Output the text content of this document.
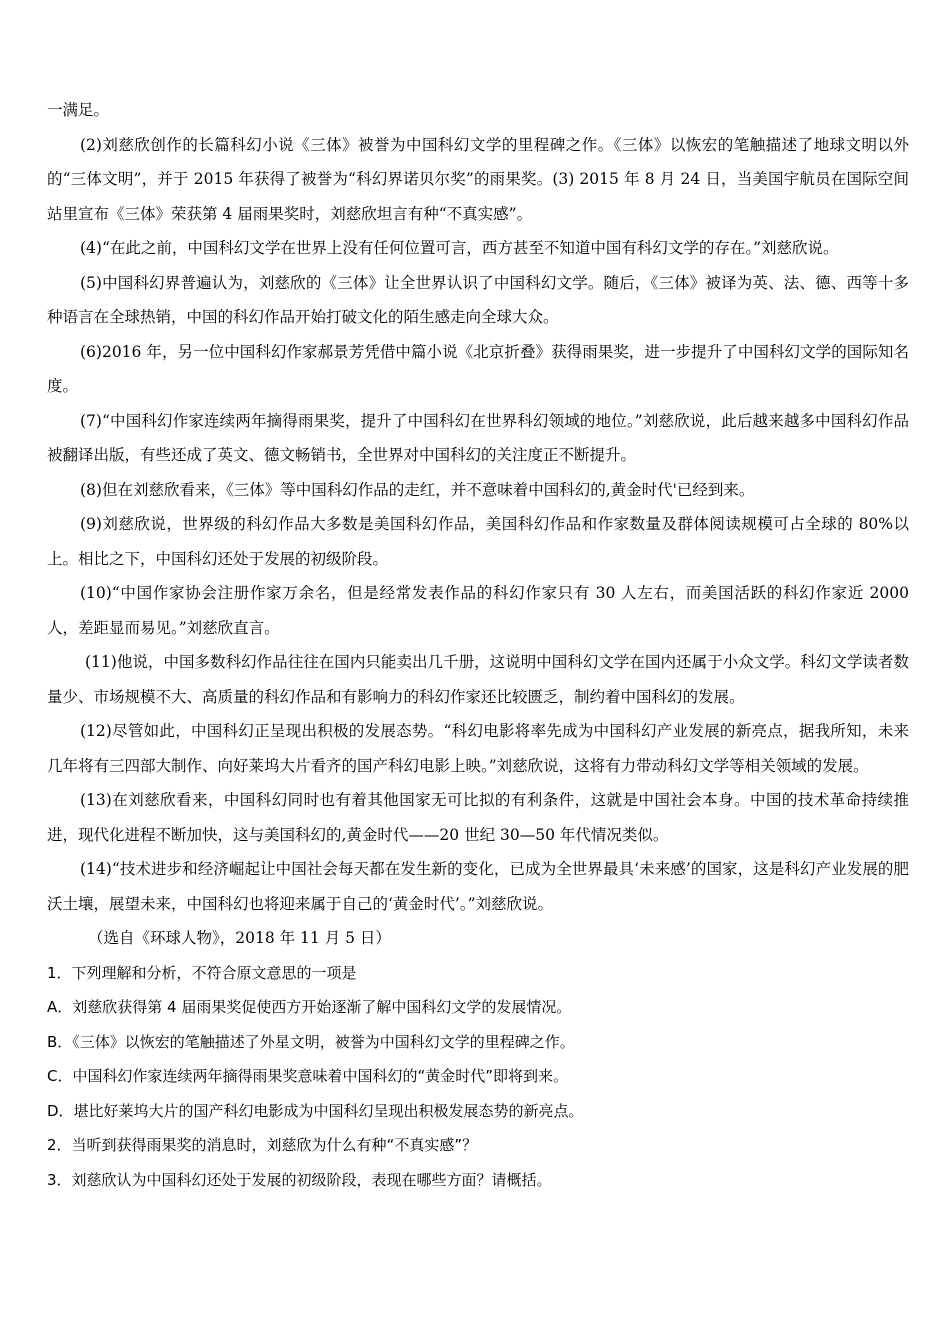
一满足。

(2)刘慈欣创作的长篇科幻小说《三体》被誉为中国科幻文学的里程碑之作。《三体》以恢宏的笔触描述了地球文明以外的“三体文明”，并于 2015 年获得了被誉为“科幻界诺贝尔奖”的雨果奖。(3) 2015 年 8 月 24 日，当美国宇航员在国际空间站里宣布《三体》荣获第 4 届雨果奖时，刘慈欣坦言有种“不真实感”。

(4)“在此之前，中国科幻文学在世界上没有任何位置可言，西方甚至不知道中国有科幻文学的存在。”刘慈欣说。

(5)中国科幻界普遍认为，刘慈欣的《三体》让全世界认识了中国科幻文学。随后，《三体》被译为英、法、德、西等十多种语言在全球热销，中国的科幻作品开始打破文化的陌生感走向全球大众。

(6)2016 年，另一位中国科幻作家郝景芳凭借中篇小说《北京折叠》获得雨果奖，进一步提升了中国科幻文学的国际知名度。

(7)“中国科幻作家连续两年摘得雨果奖，提升了中国科幻在世界科幻领域的地位。”刘慈欣说，此后越来越多中国科幻作品被翻译出版，有些还成了英文、德文畅销书，全世界对中国科幻的关注度正不断提升。

(8)但在刘慈欣看来，《三体》等中国科幻作品的走红，并不意味着中国科幻的,黄金时代'已经到来。

(9)刘慈欣说，世界级的科幻作品大多数是美国科幻作品，美国科幻作品和作家数量及群体阅读规模可占全球的 80%以上。相比之下，中国科幻还处于发展的初级阶段。

(10)“中国作家协会注册作家万余名，但是经常发表作品的科幻作家只有 30 人左右，而美国活跃的科幻作家近 2000 人，差距显而易见。”刘慈欣直言。

(11)他说，中国多数科幻作品往往在国内只能卖出几千册，这说明中国科幻文学在国内还属于小众文学。科幻文学读者数量少、市场规模不大、高质量的科幻作品和有影响力的科幻作家还比较匮乏，制约着中国科幻的发展。

(12)尽管如此，中国科幻正呈现出积极的发展态势。“科幻电影将率先成为中国科幻产业发展的新亮点，据我所知，未来几年将有三四部大制作、向好莱坞大片看齐的国产科幻电影上映。”刘慈欣说，这将有力带动科幻文学等相关领域的发展。

(13)在刘慈欣看来，中国科幻同时也有着其他国家无可比拟的有利条件，这就是中国社会本身。中国的技术革命持续推进，现代化进程不断加快，这与美国科幻的,黄金时代——20 世纪 30—50 年代情况类似。

(14)“技术进步和经济崛起让中国社会每天都在发生新的变化，已成为全世界最具‘未来感’的国家，这是科幻产业发展的肥沃土壤，展望未来，中国科幻也将迎来属于自己的‘黄金时代’。”刘慈欣说。

（选自《环球人物》，2018 年 11 月 5 日）

1．下列理解和分析，不符合原文意思的一项是

A．刘慈欣获得第 4 届雨果奖促使西方开始逐渐了解中国科幻文学的发展情况。

B．《三体》以恢宏的笔触描述了外星文明，被誉为中国科幻文学的里程碑之作。

C．中国科幻作家连续两年摘得雨果奖意味着中国科幻的“黄金时代”即将到来。

D．堪比好莱坞大片的国产科幻电影成为中国科幻呈现出积极发展态势的新亮点。

2．当听到获得雨果奖的消息时，刘慈欣为什么有种“不真实感”？

3．刘慈欣认为中国科幻还处于发展的初级阶段，表现在哪些方面？请概括。
